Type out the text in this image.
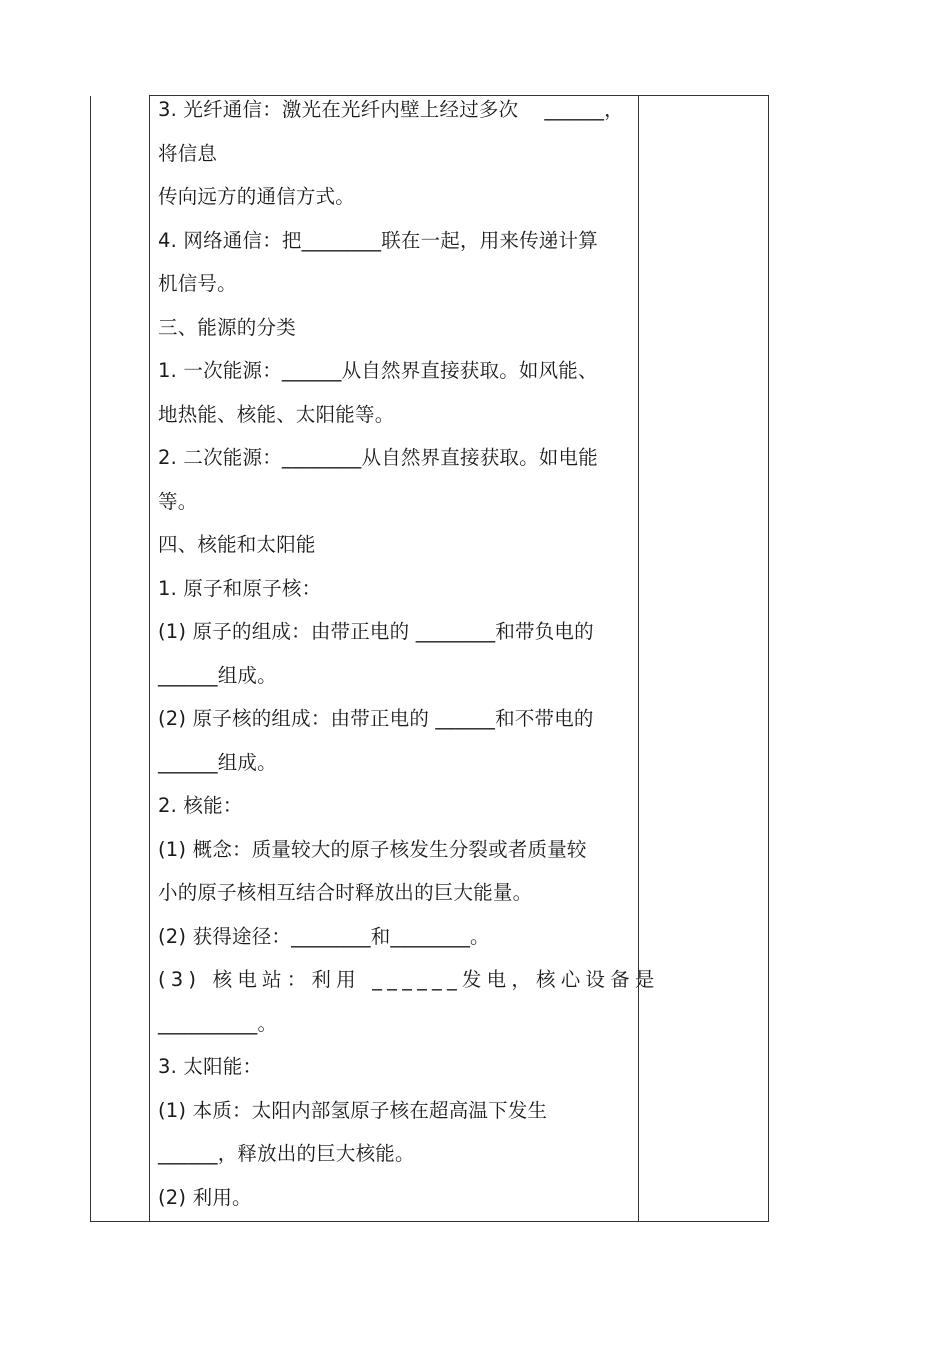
3. 光纤通信：激光在光纤内壁上经过多次　 ______，
将信息
传向远方的通信方式。
4. 网络通信：把________联在一起，用来传递计算
机信号。
三、能源的分类
1. 一次能源：______从自然界直接获取。如风能、
地热能、核能、太阳能等。
2. 二次能源：________从自然界直接获取。如电能
等。
四、核能和太阳能
1. 原子和原子核：
(1) 原子的组成：由带正电的 ________和带负电的
______组成。
(2) 原子核的组成：由带正电的 ______和不带电的
______组成。
2. 核能：
(1) 概念：质量较大的原子核发生分裂或者质量较
小的原子核相互结合时释放出的巨大能量。
(2) 获得途径：________和________。
(3) 核电站：利用 ______发电，核心设备是
__________。
3. 太阳能：
(1) 本质：太阳内部氢原子核在超高温下发生
______，释放出的巨大核能。
(2) 利用。
